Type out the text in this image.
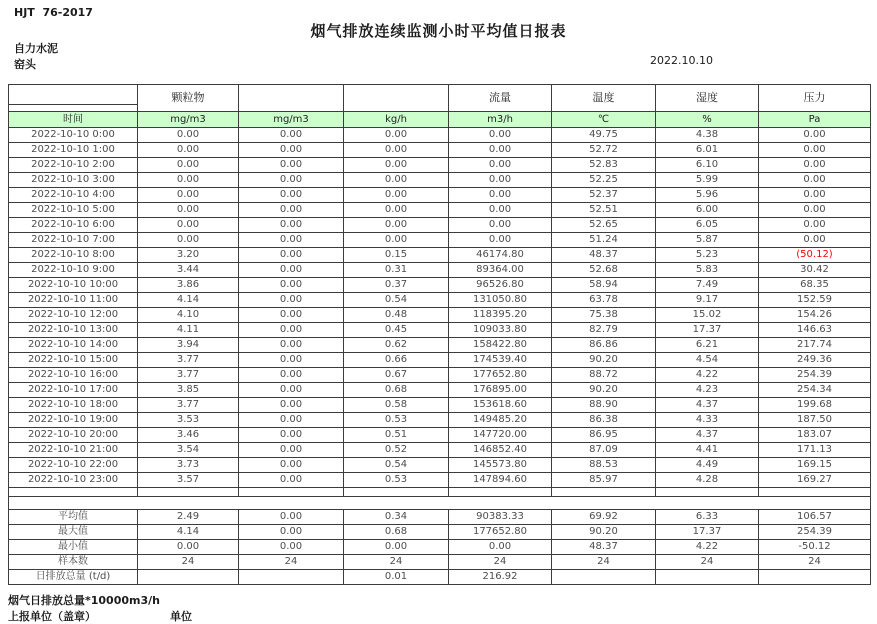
HJT  76-2017
烟气排放连续监测小时平均值日报表
自力水泥
窑头	2022.10.10
	颗粒物			流量	温度	湿度	压力
时间	mg/m3	mg/m3	kg/h	m3/h	℃	%	Pa
2022-10-10 0:00	0.00	0.00	0.00	0.00	49.75	4.38	0.00
2022-10-10 1:00	0.00	0.00	0.00	0.00	52.72	6.01	0.00
2022-10-10 2:00	0.00	0.00	0.00	0.00	52.83	6.10	0.00
2022-10-10 3:00	0.00	0.00	0.00	0.00	52.25	5.99	0.00
2022-10-10 4:00	0.00	0.00	0.00	0.00	52.37	5.96	0.00
2022-10-10 5:00	0.00	0.00	0.00	0.00	52.51	6.00	0.00
2022-10-10 6:00	0.00	0.00	0.00	0.00	52.65	6.05	0.00
2022-10-10 7:00	0.00	0.00	0.00	0.00	51.24	5.87	0.00
2022-10-10 8:00	3.20	0.00	0.15	46174.80	48.37	5.23	(50.12)
2022-10-10 9:00	3.44	0.00	0.31	89364.00	52.68	5.83	30.42
2022-10-10 10:00	3.86	0.00	0.37	96526.80	58.94	7.49	68.35
2022-10-10 11:00	4.14	0.00	0.54	131050.80	63.78	9.17	152.59
2022-10-10 12:00	4.10	0.00	0.48	118395.20	75.38	15.02	154.26
2022-10-10 13:00	4.11	0.00	0.45	109033.80	82.79	17.37	146.63
2022-10-10 14:00	3.94	0.00	0.62	158422.80	86.86	6.21	217.74
2022-10-10 15:00	3.77	0.00	0.66	174539.40	90.20	4.54	249.36
2022-10-10 16:00	3.77	0.00	0.67	177652.80	88.72	4.22	254.39
2022-10-10 17:00	3.85	0.00	0.68	176895.00	90.20	4.23	254.34
2022-10-10 18:00	3.77	0.00	0.58	153618.60	88.90	4.37	199.68
2022-10-10 19:00	3.53	0.00	0.53	149485.20	86.38	4.33	187.50
2022-10-10 20:00	3.46	0.00	0.51	147720.00	86.95	4.37	183.07
2022-10-10 21:00	3.54	0.00	0.52	146852.40	87.09	4.41	171.13
2022-10-10 22:00	3.73	0.00	0.54	145573.80	88.53	4.49	169.15
2022-10-10 23:00	3.57	0.00	0.53	147894.60	85.97	4.28	169.27

平均值	2.49	0.00	0.34	90383.33	69.92	6.33	106.57
最大值	4.14	0.00	0.68	177652.80	90.20	17.37	254.39
最小值	0.00	0.00	0.00	0.00	48.37	4.22	-50.12
样本数	24	24	24	24	24	24	24
日排放总量 (t/d)			0.01	216.92			
烟气日排放总量*10000m3/h
上报单位（盖章）	单位
